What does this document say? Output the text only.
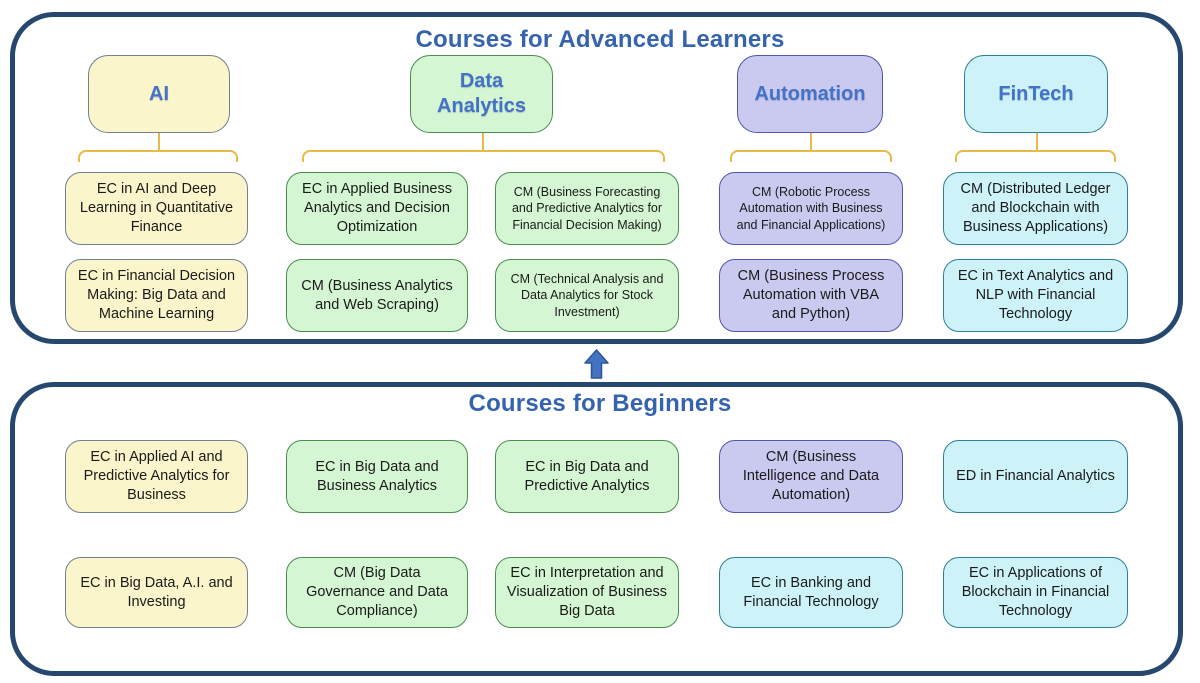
Courses for Advanced Learners
AI
Data Analytics
Automation	FinTech
EC in AI and Deep Learning in Quantitative Finance
EC in Applied Business Analytics and Decision Optimization
CM (Business Forecasting and Predictive Analytics for Financial Decision Making)
CM (Robotic Process Automation with Business and Financial Applications)
CM (Distributed Ledger and Blockchain with Business Applications)
EC in Financial Decision Making: Big Data and Machine Learning
CM (Business Analytics and Web Scraping)
CM (Technical Analysis and Data Analytics for Stock Investment)
CM (Business Process Automation with VBA and Python)
EC in Text Analytics and NLP with Financial Technology
Courses for Beginners
EC in Applied AI and Predictive Analytics for Business
EC in Big Data and Business Analytics
EC in Big Data and Predictive Analytics
CM (Business Intelligence and Data Automation)
ED in Financial Analytics
EC in Big Data, A.I. and Investing
CM (Big Data Governance and Data Compliance)
EC in Interpretation and Visualization of Business Big Data
EC in Banking and Financial Technology
EC in Applications of Blockchain in Financial Technology
